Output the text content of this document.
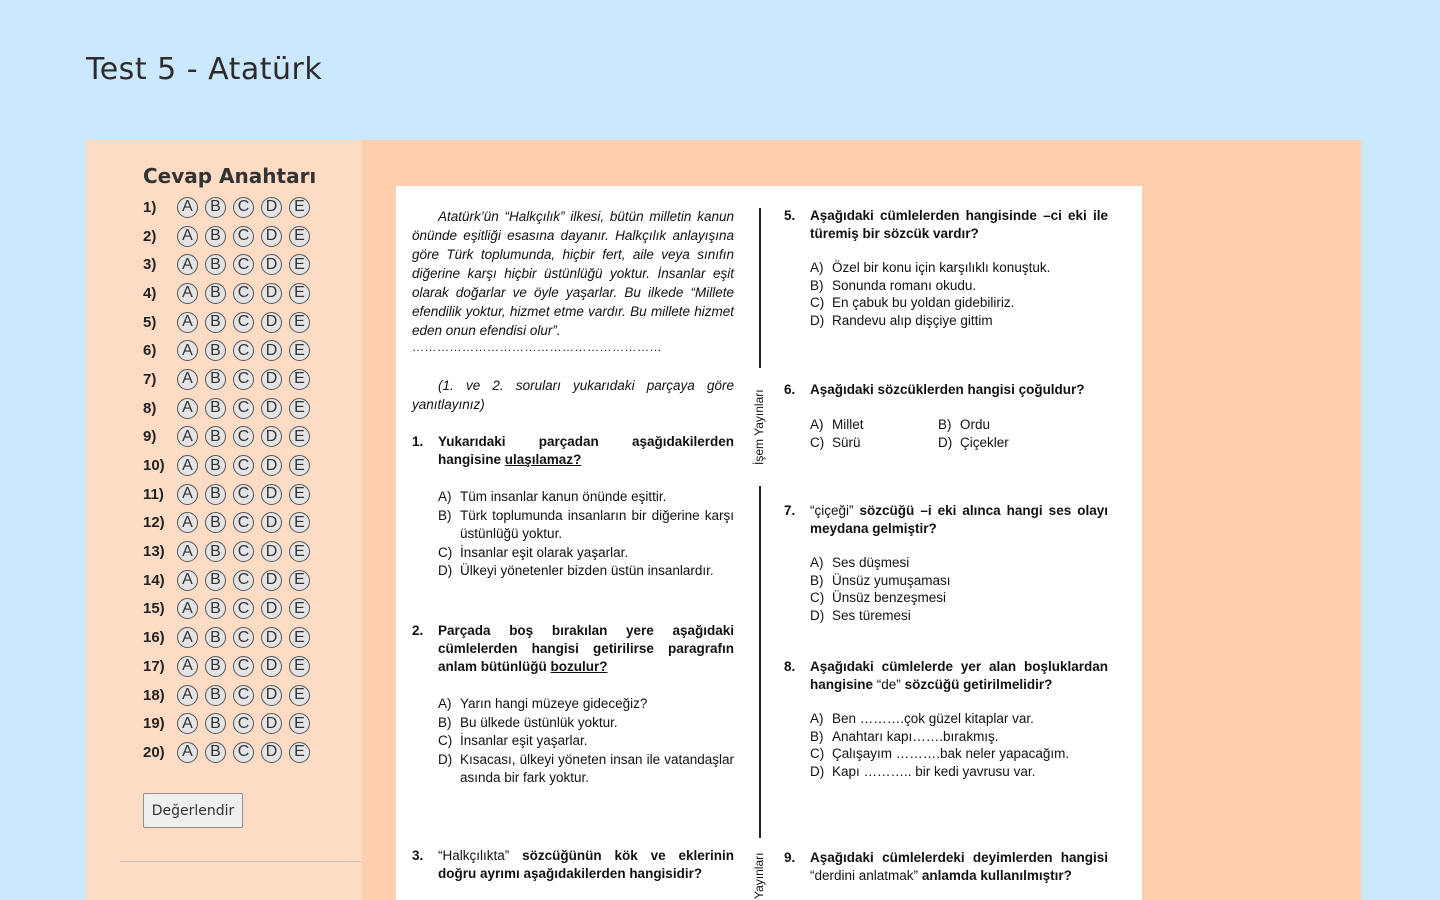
Test 5 - Atatürk
Cevap Anahtarı
1)	A	B	C D	E
2)	A	B	C D	E
3)	A	B	C D	E
4)	A	B	C D	E
5)	A	B	C D	E
6)	A	B	C D	E
7)	A	B	C D	E
8)	A	B	C D	E
9)	A	B	C D	E
10)	A	B	C D	E
11)	A	B	C D	E
12)	A	B	C D	E
13)	A	B	C D	E
14)	A	B	C D	E
15)	A	B	C D	E
16)	A	B	C D	E
17)	A	B	C D	E
18)	A	B	C D	E
19)	A	B	C D	E
20)	A	B	C D	E
Değerlendir
Atatürk’ün “Halkçılık” ilkesi, bütün milletin kanun önünde eşitliği esasına dayanır. Halkçılık anlayışına göre Türk toplumunda, hiçbir fert, aile veya sınıfın diğerine karşı hiçbir üstünlüğü yoktur. İnsanlar eşit olarak doğarlar ve öyle yaşarlar. Bu ilkede “Millete efendilik yoktur, hizmet etme vardır. Bu millete hizmet eden onun efendisi olur”.
……………………………………………………
(1. ve 2. soruları yukarıdaki parçaya göre yanıtlayınız)
1.	Yukarıdaki parçadan aşağıdakilerden hangisine ulaşılamaz?
A) Tüm insanlar kanun önünde eşittir.
B) Türk toplumunda insanların bir diğerine karşı üstünlüğü yoktur.
C) İnsanlar eşit olarak yaşarlar.
D) Ülkeyi yönetenler bizden üstün insanlardır.
2.	Parçada boş bırakılan yere aşağıdaki cümlelerden hangisi getirilirse paragrafın anlam bütünlüğü bozulur?
A) Yarın hangi müzeye gideceğiz?
B) Bu ülkede üstünlük yoktur.
C) İnsanlar eşit yaşarlar.
D) Kısacası, ülkeyi yöneten insan ile vatandaşlar asında bir fark yoktur.
3.	“Halkçılıkta” sözcüğünün kök ve eklerinin doğru ayrımı aşağıdakilerden hangisidir?
İşem Yayınları
Yayınları
5.	Aşağıdaki cümlelerden hangisinde –ci eki ile türemiş bir sözcük vardır?
A) Özel bir konu için karşılıklı konuştuk.
B) Sonunda romanı okudu.
C) En çabuk bu yoldan gidebiliriz.
D) Randevu alıp dişçiye gittim
6.	Aşağıdaki sözcüklerden hangisi çoğuldur?
A) Millet	B) Ordu
C) Sürü	D) Çiçekler
7.	“çiçeği” sözcüğü –i eki alınca hangi ses olayı meydana gelmiştir?
A) Ses düşmesi
B) Ünsüz yumuşaması
C) Ünsüz benzeşmesi
D) Ses türemesi
8.	Aşağıdaki cümlelerde yer alan boşluklardan hangisine “de” sözcüğü getirilmelidir?
A) Ben ……….çok güzel kitaplar var.
B) Anahtarı kapı…….bırakmış.
C) Çalışayım ……….bak neler yapacağım.
D) Kapı ……….. bir kedi yavrusu var.
9.	Aşağıdaki cümlelerdeki deyimlerden hangisi “derdini anlatmak” anlamda kullanılmıştır?
